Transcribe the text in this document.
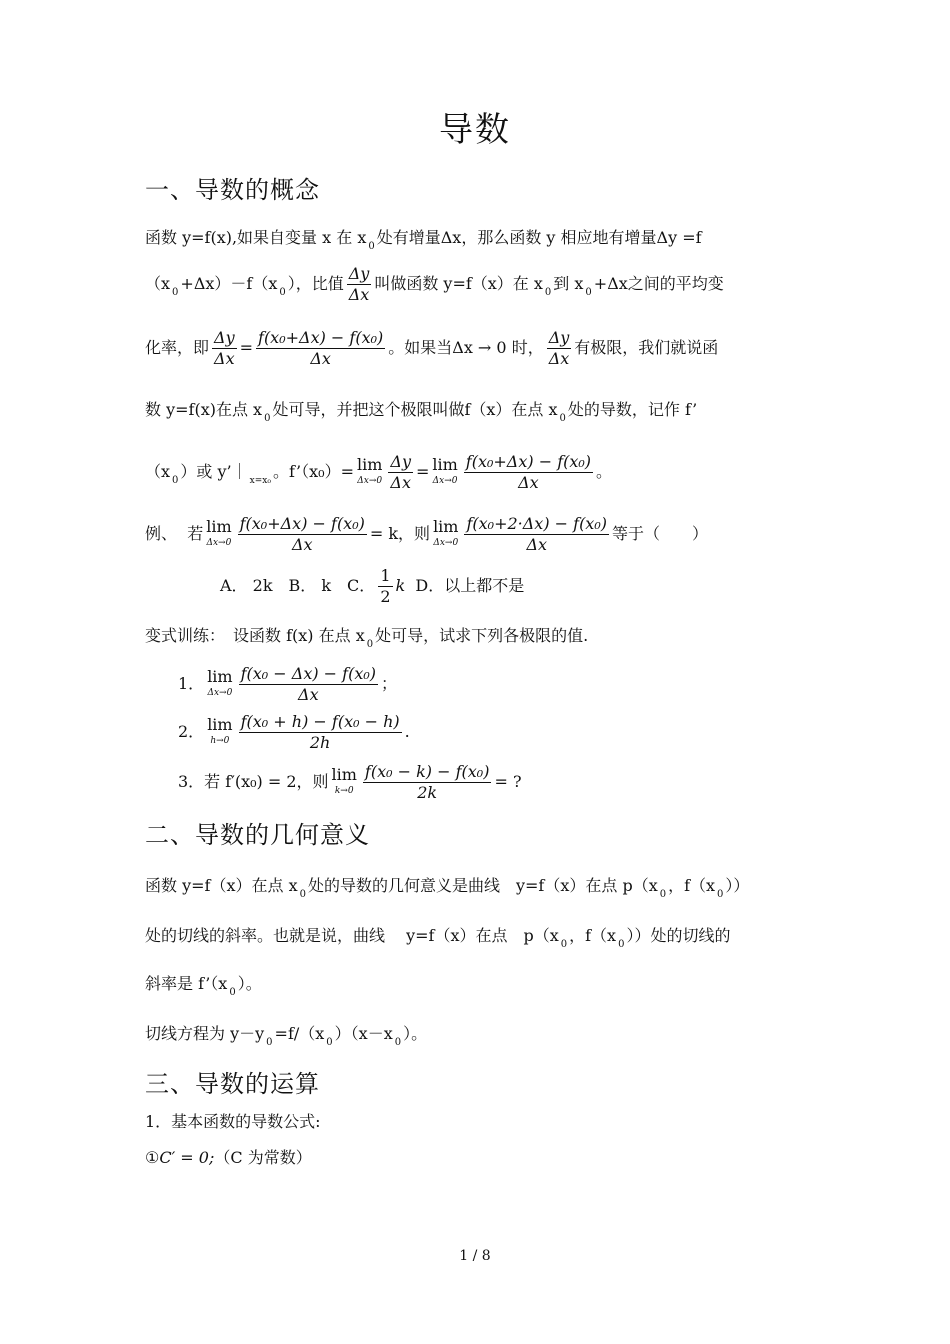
导数
一、导数的概念
函数 y=f(x),如果自变量 x 在 x $_0$ 处有增量Δx，那么函数 y 相应地有增量Δy =f
（x $_0$ +Δx）－f（x $_0$ ），比值 $\frac{\Delta y}{\Delta x}$ 叫做函数 y=f（x）在 x $_0$ 到 x $_0$ +Δx之间的平均变
化率，即 $\frac{\Delta y}{\Delta x} = \frac{\text{f(x₀+Δx) − f(x₀)}}{\Delta x}$ 。如果当Δx → 0 时， $\frac{\Delta y}{\Delta x}$ 有极限，我们就说函
数 y=f(x)在点 x $_0$ 处可导，并把这个极限叫做f（x）在点 x $_0$ 处的导数，记作 f’
（x $_0$ ）或 y’｜ $_{x=x_0}$ 。f’（x₀）= lim
$\Delta x\to 0 \frac{\Delta y}{\Delta x} = \lim$
$\Delta x\to 0 \frac{\text{f(x₀+Δx) − f(x₀)}}{\Delta x}$ 。
例、 若 lim
$\Delta x\to 0 \frac{\text{f(x₀+Δx) − f(x₀)}}{\Delta x} = k$，则 lim
$\Delta x\to 0 \frac{\text{f(x₀+2·Δx) − f(x₀)}}{\Delta x}$ 等于（　　）
A． 2k　B． k　C． $\frac{1}{2}$ k D．以上都不是
变式训练：　设函数 f(x) 在点 x $_0$ 处可导，试求下列各极限的值.
1． lim
$\Delta x\to 0 \frac{\text{f(x₀ − Δx) − f(x₀)}}{\Delta x}$ ；
2． lim
$h\to 0 \frac{\text{f(x₀ + h) − f(x₀ − h)}}{2h}$ .
3．若 f′(x₀) = 2，则 lim
$k\to 0 \frac{\text{f(x₀ − k) − f(x₀)}}{2k}$ = ?
二、导数的几何意义
函数 y=f（x）在点 x $_0$ 处的导数的几何意义是曲线　y=f（x）在点 p（x $_0$ ，f（x $_0$ ））
处的切线的斜率。也就是说，曲线　 y=f（x）在点　p（x $_0$ ，f（x $_0$ ））处的切线的
斜率是 f’（x $_0$ ）。
切线方程为 y－y $_0$ =f/（x $_0$ ）（x－x $_0$ ）。
三、导数的运算
1．基本函数的导数公式:
①C′ = 0;（C 为常数）
1 / 8
